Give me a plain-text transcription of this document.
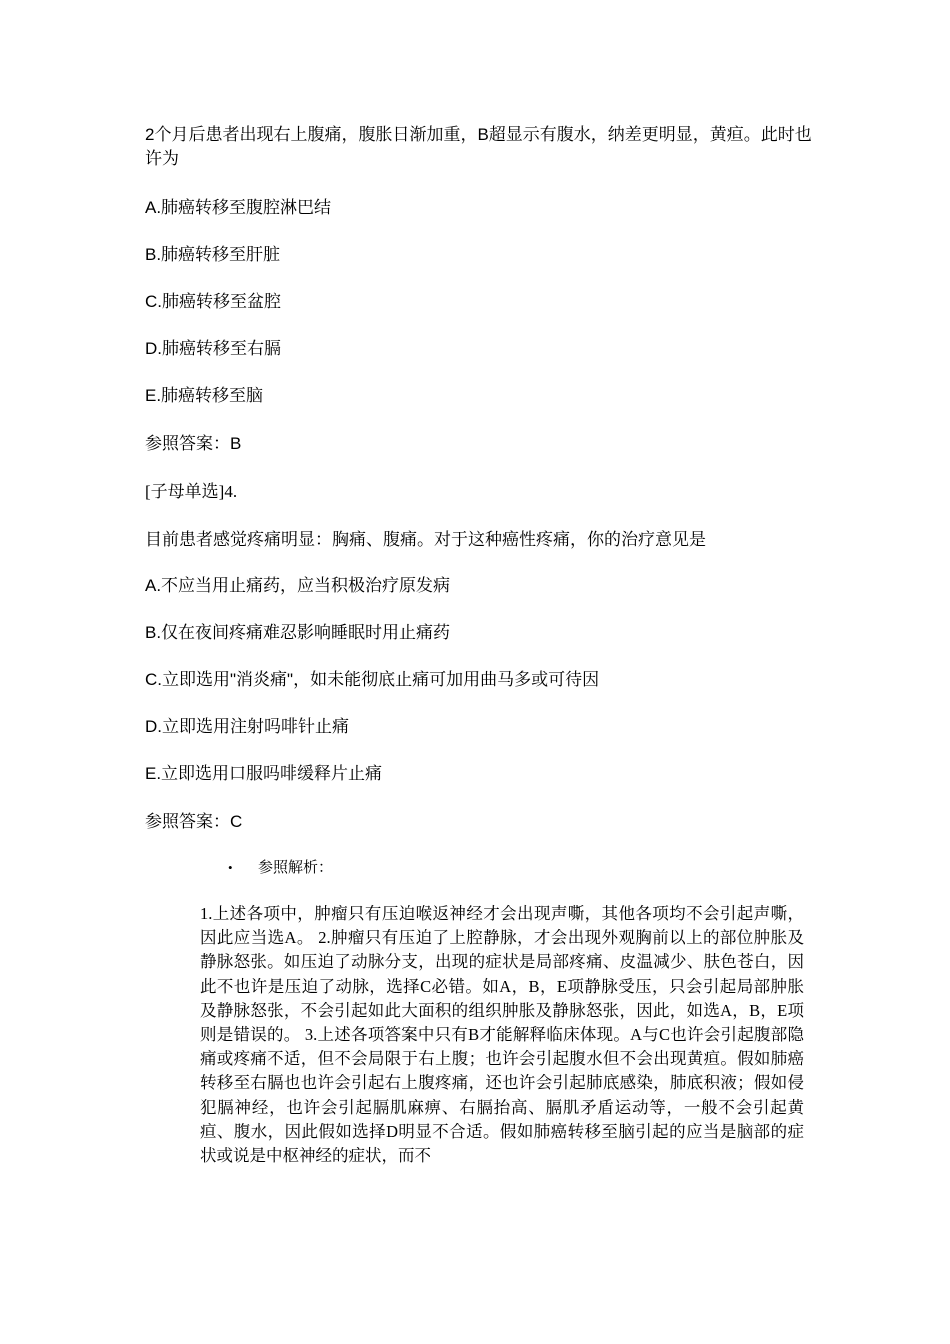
2个月后患者出现右上腹痛，腹胀日渐加重，B超显示有腹水，纳差更明显，黄疸。此时也许为

A.肺癌转移至腹腔淋巴结

B.肺癌转移至肝脏

C.肺癌转移至盆腔

D.肺癌转移至右膈

E.肺癌转移至脑

参照答案：B

[子母单选]4.

目前患者感觉疼痛明显：胸痛、腹痛。对于这种癌性疼痛，你的治疗意见是

A.不应当用止痛药，应当积极治疗原发病

B.仅在夜间疼痛难忍影响睡眠时用止痛药

C.立即选用"消炎痛"，如未能彻底止痛可加用曲马多或可待因

D.立即选用注射吗啡针止痛

E.立即选用口服吗啡缓释片止痛

参照答案：C

• 参照解析：

1.上述各项中，肿瘤只有压迫喉返神经才会出现声嘶，其他各项均不会引起声嘶，因此应当选A。 2.肿瘤只有压迫了上腔静脉，才会出现外观胸前以上的部位肿胀及静脉怒张。如压迫了动脉分支，出现的症状是局部疼痛、皮温减少、肤色苍白，因此不也许是压迫了动脉，选择C必错。如A，B，E项静脉受压，只会引起局部肿胀及静脉怒张，不会引起如此大面积的组织肿胀及静脉怒张，因此，如选A，B，E项则是错误的。 3.上述各项答案中只有B才能解释临床体现。A与C也许会引起腹部隐痛或疼痛不适，但不会局限于右上腹；也许会引起腹水但不会出现黄疸。假如肺癌转移至右膈也也许会引起右上腹疼痛，还也许会引起肺底感染，肺底积液；假如侵犯膈神经，也许会引起膈肌麻痹、右膈抬高、膈肌矛盾运动等，一般不会引起黄疸、腹水，因此假如选择D明显不合适。假如肺癌转移至脑引起的应当是脑部的症状或说是中枢神经的症状，而不
